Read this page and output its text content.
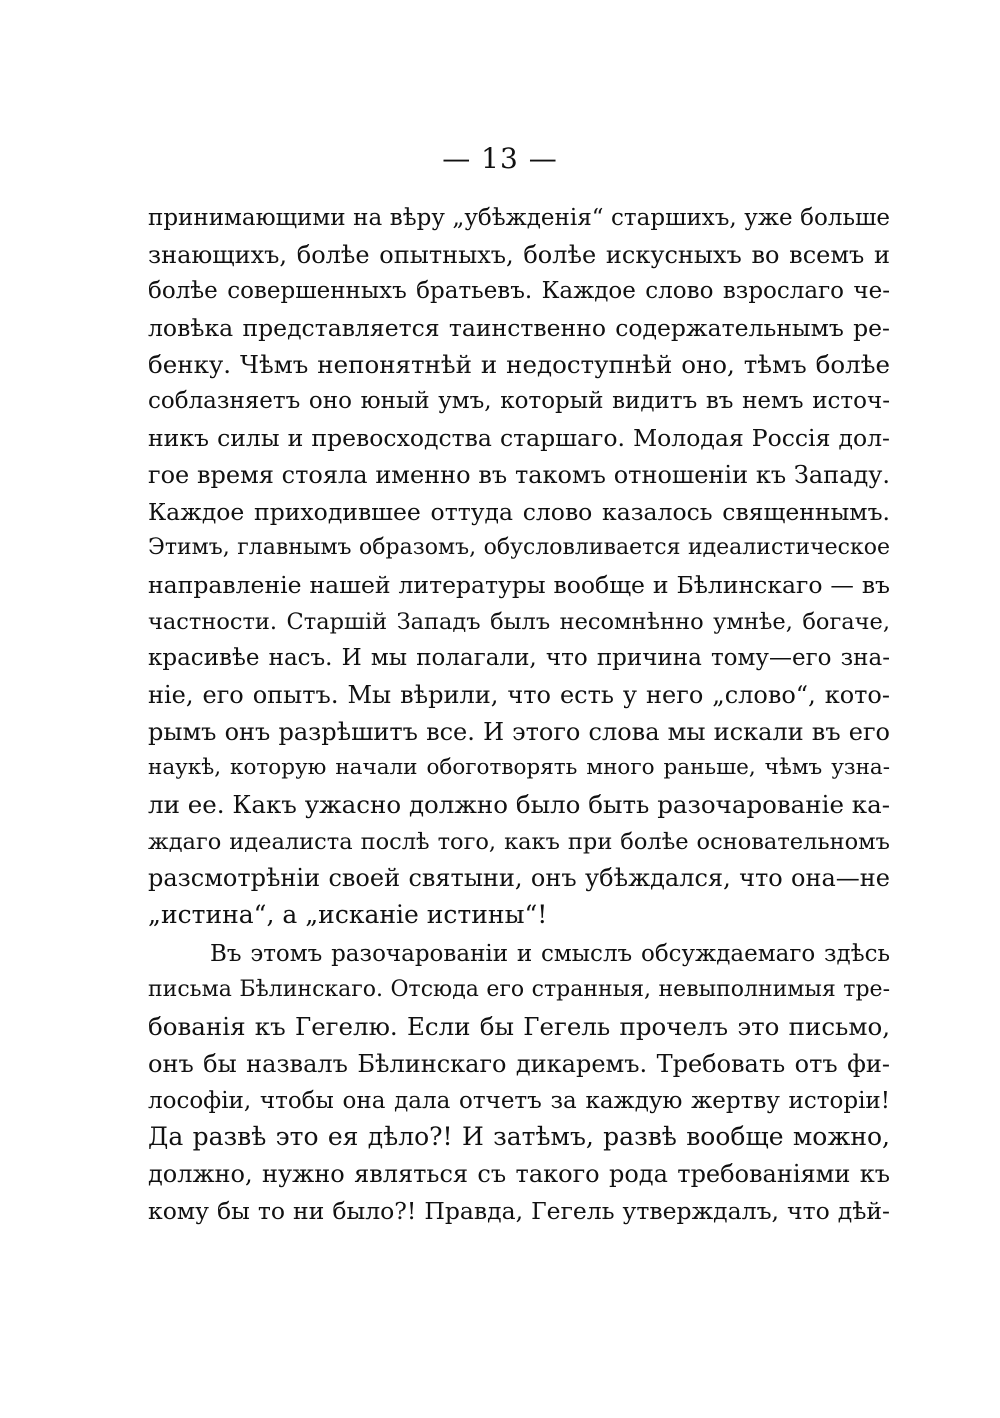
— 13 —
принимающими на вѣру „убѣжденія“ старшихъ, уже больше
знающихъ, болѣе опытныхъ, болѣе искусныхъ во всемъ и
болѣе совершенныхъ братьевъ. Каждое слово взрослаго че-
ловѣка представляется таинственно содержательнымъ ре-
бенку. Чѣмъ непонятнѣй и недоступнѣй оно, тѣмъ болѣе
соблазняетъ оно юный умъ, который видитъ въ немъ источ-
никъ силы и превосходства старшаго. Молодая Россія дол-
гое время стояла именно въ такомъ отношеніи къ Западу.
Каждое приходившее оттуда слово казалось священнымъ.
Этимъ, главнымъ образомъ, обусловливается идеалистическое
направленіе нашей литературы вообще и Бѣлинскаго — въ
частности. Старшій Западъ былъ несомнѣнно умнѣе, богаче,
красивѣе насъ. И мы полагали, что причина тому—его зна-
ніе, его опытъ. Мы вѣрили, что есть у него „слово“, кото-
рымъ онъ разрѣшитъ все. И этого слова мы искали въ его
наукѣ, которую начали обоготворять много раньше, чѣмъ узна-
ли ее. Какъ ужасно должно было быть разочарованіе ка-
ждаго идеалиста послѣ того, какъ при болѣе основательномъ
разсмотрѣніи своей святыни, онъ убѣждался, что она—не
„истина“, а „исканіе истины“!
Въ этомъ разочарованіи и смыслъ обсуждаемаго здѣсь
письма Бѣлинскаго. Отсюда его странныя, невыполнимыя тре-
бованія къ Гегелю. Если бы Гегель прочелъ это письмо,
онъ бы назвалъ Бѣлинскаго дикаремъ. Требовать отъ фи-
лософіи, чтобы она дала отчетъ за каждую жертву исторіи!
Да развѣ это ея дѣло?! И затѣмъ, развѣ вообще можно,
должно, нужно являться съ такого рода требованіями къ
кому бы то ни было?! Правда, Гегель утверждалъ, что дѣй-
